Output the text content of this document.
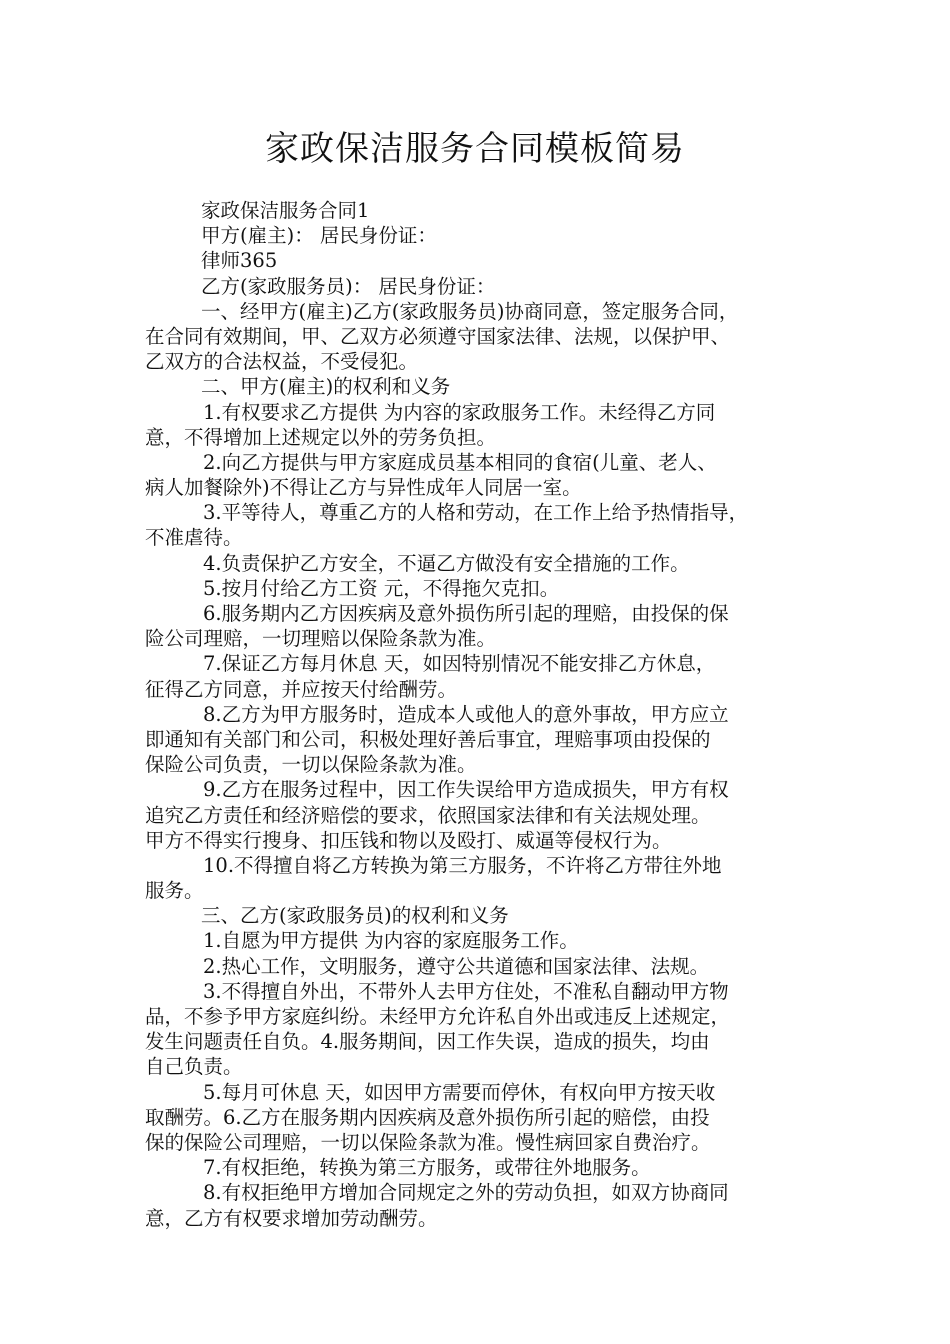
家政保洁服务合同模板简易
家政保洁服务合同1
甲方(雇主)： 居民身份证：
律师365
乙方(家政服务员)： 居民身份证：
一、经甲方(雇主)乙方(家政服务员)协商同意，签定服务合同，
在合同有效期间，甲、乙双方必须遵守国家法律、法规，以保护甲、
乙双方的合法权益，不受侵犯。
二、甲方(雇主)的权利和义务
1.有权要求乙方提供 为内容的家政服务工作。未经得乙方同
意，不得增加上述规定以外的劳务负担。
2.向乙方提供与甲方家庭成员基本相同的食宿(儿童、老人、
病人加餐除外)不得让乙方与异性成年人同居一室。
3.平等待人，尊重乙方的人格和劳动，在工作上给予热情指导，
不准虐待。
4.负责保护乙方安全，不逼乙方做没有安全措施的工作。
5.按月付给乙方工资 元，不得拖欠克扣。
6.服务期内乙方因疾病及意外损伤所引起的理赔，由投保的保
险公司理赔，一切理赔以保险条款为准。
7.保证乙方每月休息 天，如因特别情况不能安排乙方休息，
征得乙方同意，并应按天付给酬劳。
8.乙方为甲方服务时，造成本人或他人的意外事故，甲方应立
即通知有关部门和公司，积极处理好善后事宜，理赔事项由投保的
保险公司负责，一切以保险条款为准。
9.乙方在服务过程中，因工作失误给甲方造成损失，甲方有权
追究乙方责任和经济赔偿的要求，依照国家法律和有关法规处理。
甲方不得实行搜身、扣压钱和物以及殴打、威逼等侵权行为。
10.不得擅自将乙方转换为第三方服务，不许将乙方带往外地
服务。
三、乙方(家政服务员)的权利和义务
1.自愿为甲方提供 为内容的家庭服务工作。
2.热心工作，文明服务，遵守公共道德和国家法律、法规。
3.不得擅自外出，不带外人去甲方住处，不准私自翻动甲方物
品，不参予甲方家庭纠纷。未经甲方允许私自外出或违反上述规定，
发生问题责任自负。4.服务期间，因工作失误，造成的损失，均由
自己负责。
5.每月可休息 天，如因甲方需要而停休，有权向甲方按天收
取酬劳。6.乙方在服务期内因疾病及意外损伤所引起的赔偿，由投
保的保险公司理赔，一切以保险条款为准。慢性病回家自费治疗。
7.有权拒绝，转换为第三方服务，或带往外地服务。
8.有权拒绝甲方增加合同规定之外的劳动负担，如双方协商同
意，乙方有权要求增加劳动酬劳。
